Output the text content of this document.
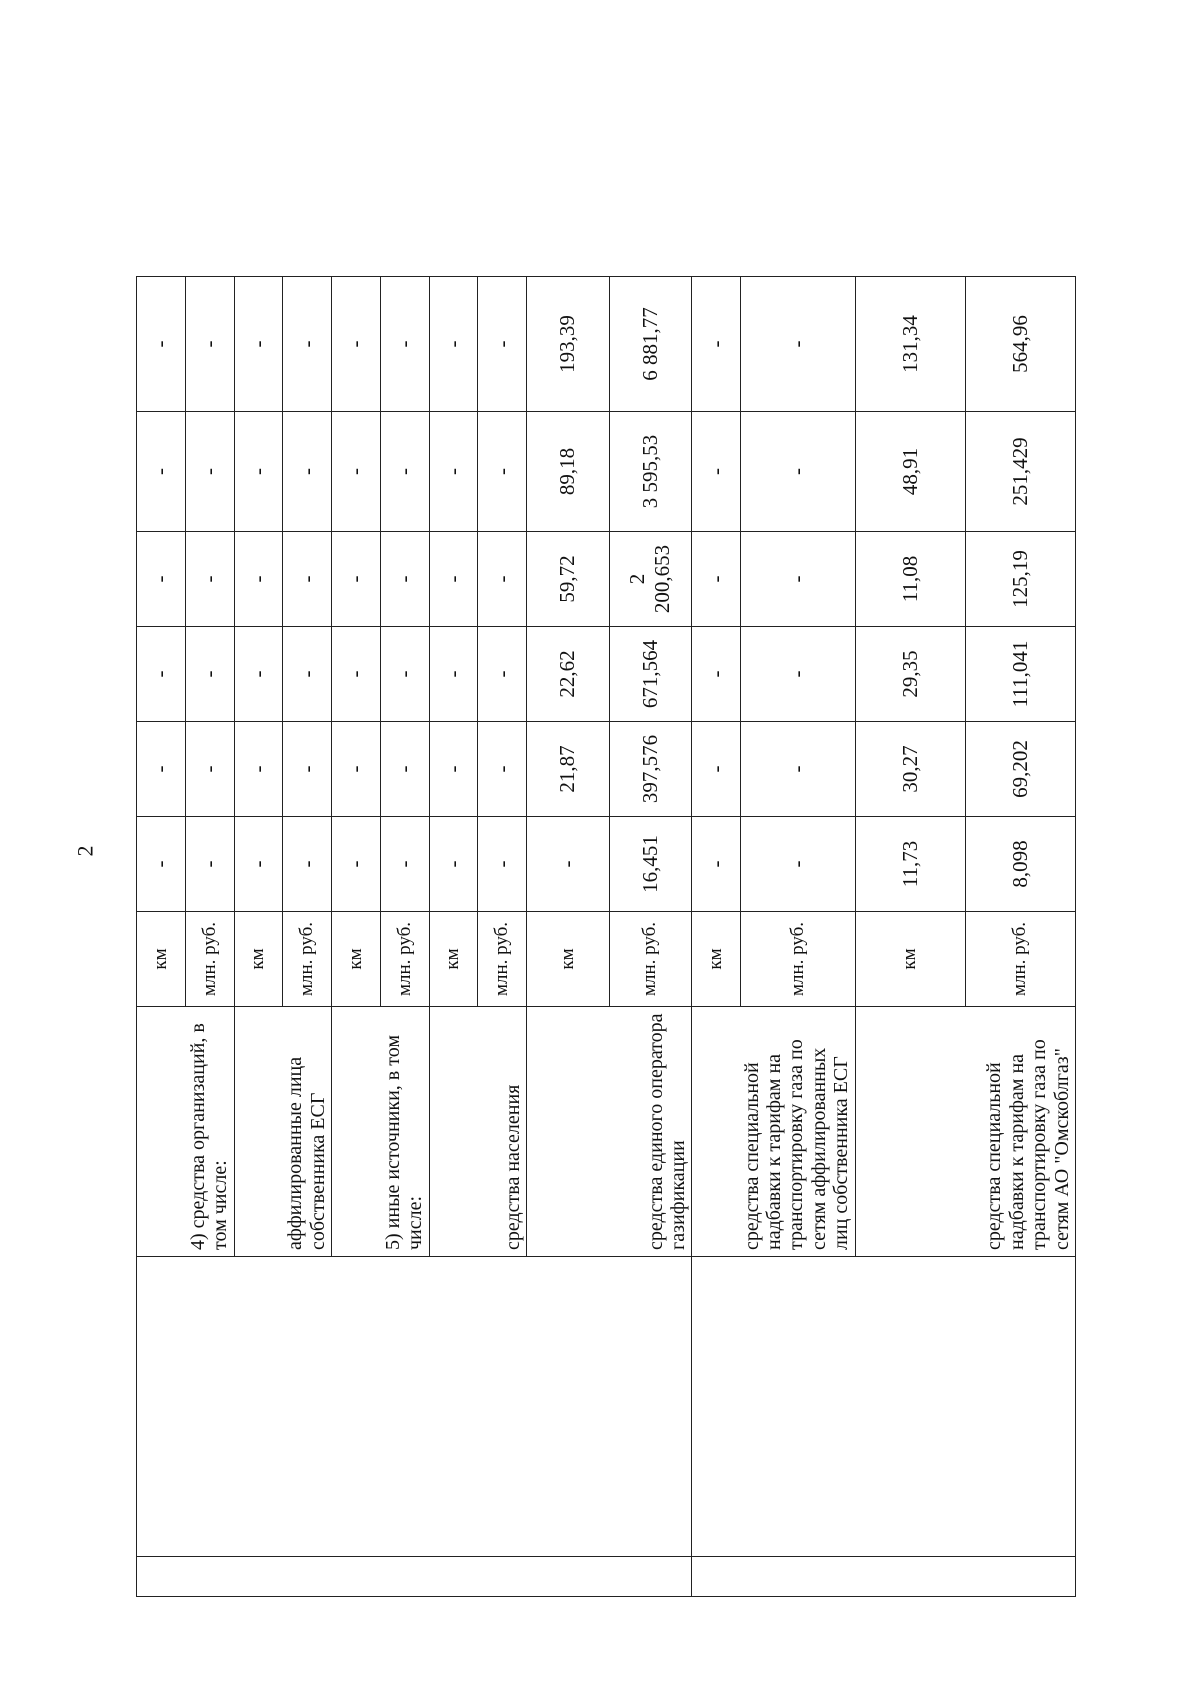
2
		4) средства организаций, в том числе:	км	-	-	-	-	-	-
			млн. руб.	-	-	-	-	-	-
		аффилированные лица собственника ЕСГ	км	-	-	-	-	-	-
			млн. руб.	-	-	-	-	-	-
		5) иные источники, в том числе:	км	-	-	-	-	-	-
			млн. руб.	-	-	-	-	-	-
		средства населения	км	-	-	-	-	-	-
			млн. руб.	-	-	-	-	-	-
		средства единого оператора газификации	км	-	21,87	22,62	59,72	89,18	193,39
			млн. руб.	16,451	397,576	671,564	2 200,653	3 595,53	6 881,77
		средства специальной надбавки к тарифам на транспортировку газа по сетям аффилированных лиц собственника ЕСГ	км	-	-	-	-	-	-
			млн. руб.	-	-	-	-	-	-
		средства специальной надбавки к тарифам на транспортировку газа по сетям АО "Омскоблгаз"	км	11,73	30,27	29,35	11,08	48,91	131,34
			млн. руб.	8,098	69,202	111,041	125,19	251,429	564,96
